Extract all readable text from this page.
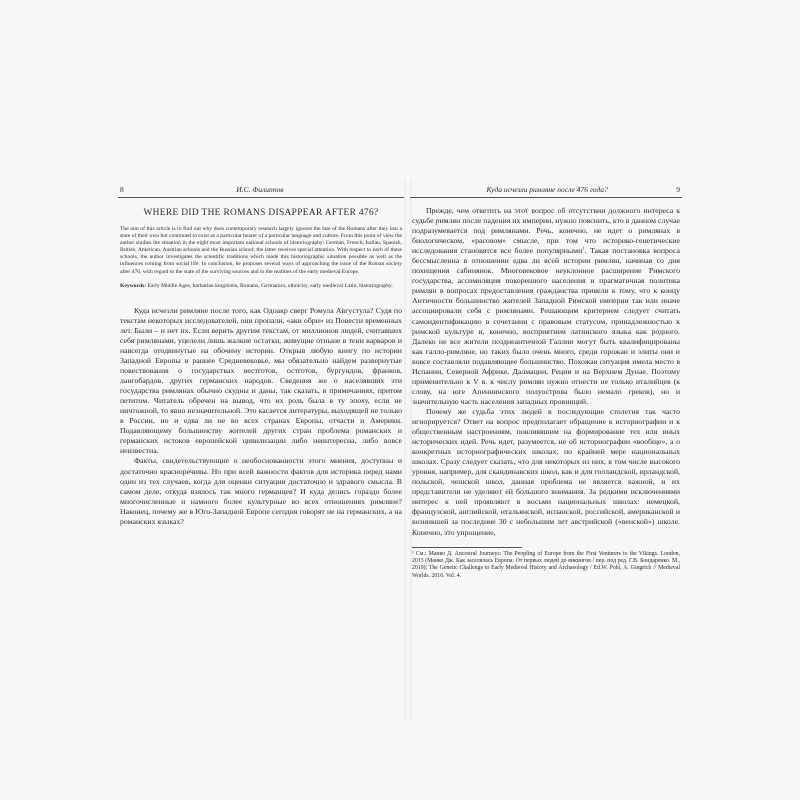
8	И.С. Филиппов
WHERE DID THE ROMANS DISAPPEAR AFTER 476?
The aim of this article is to find out why does contemporary research largely ignores the fate of the Romans after they lost a state of their own but continued to exist as a particular bearer of a particular language and culture. From this point of view the author studies the situation in the eight most important national schools of historiography: German, French, Italian, Spanish, British, American, Austrian schools and the Russian school; the latter receives special attention. With respect to each of these schools, the author investigates the scientific traditions which made this historiographic situation possible as well as the influences coming from social life. In conclusion, he proposes several ways of approaching the issue of the Roman society after 476, with regard to the state of the surviving sources and to the realities of the early medieval Europe.
Keywords: Early Middle Ages, barbarian kingdoms, Romans, Germanics, ethnicity, early medieval Latin, historiography.

Куда исчезли римляне после того, как Одоакр сверг Ромула Августула? Судя по текстам некоторых исследователей, они пропали, «аки обри» из Повести временных лет. Были – и нет их. Если верить другим текстам, от миллионов людей, считавших себя римлянами, уцелели лишь жалкие остатки, живущие отныне в тени варваров и навсегда отодвинутые на обочину истории. Открыв любую книгу по истории Западной Европы в раннее Средневековье, мы обязательно найдем развернутые повествования о государствах вестготов, остготов, бургундов, франков, лангобардов, других германских народов. Сведения же о населявших эти государства римлянах обычно скудны и даны, так сказать, в примечаниях, притом петитом. Читатель обречен на вывод, что их роль была в ту эпоху, если не ничтожной, то явно незначительной. Это касается литературы, выходящей не только в России, но и едва ли не во всех странах Европы, отчасти и Америки. Подавляющему большинству жителей других стран проблема романских и германских истоков европейской цивилизации либо неинтересна, либо вовсе неизвестна.

Факты, свидетельствующие о необоснованности этого мнения, доступны и достаточно красноречивы. Но при всей важности фактов для историка перед нами один из тех случаев, когда для оценки ситуации достаточно и здравого смысла. В самом деле, откуда взялось так много германцев? И куда делись гораздо более многочисленные и намного более культурные во всех отношениях римляне? Наконец, почему же в Юго-Западной Европе сегодня говорят не на германских, а на романских языках?

Куда исчезли римляне после 476 года?	9

Прежде, чем ответить на этот вопрос об отсутствии должного интереса к судьбе римлян после падения их империи, нужно пояснить, кто в данном случае подразумевается под римлянами. Речь, конечно, не идет о римлянах в биологическом, «расовом» смысле, при том что историко-генетические исследования становятся все более популярными$^1$. Такая постановка вопроса бессмысленна в отношении едва ли всей истории римлян, начиная со дня похищения сабинянок. Многовековое неуклонное расширение Римского государства, ассимиляция покоренного населения и прагматичная политика римлян в вопросах предоставления гражданства привели к тому, что к концу Античности большинство жителей Западной Римской империи так или иначе ассоциировали себя с римлянами. Решающим критерием следует считать самоидентификацию в сочетании с правовым статусом, принадлежностью к римской культуре и, конечно, восприятием латинского языка как родного. Далеко не все жители позднеантичной Галлии могут быть квалифицированы как галло-римляне, но таких было очень много, среди горожан и элиты они и вовсе составляли подавляющее большинство. Похожая ситуация имела место в Испании, Северной Африке, Далмации, Реции и на Верхнем Дунае. Поэтому применительно к V в. к числу римлян нужно отнести не только италийцев (к слову, на юге Апеннинского полуострова было немало греков), но и значительную часть населения западных провинций.

Почему же судьба этих людей в последующие столетия так часто игнорируется? Ответ на вопрос предполагает обращение к историографии и к общественным настроениям, повлиявшим на формирование тех или иных исторических идей. Речь идет, разумеется, не об историографии «вообще», а о конкретных историографических школах, по крайней мере национальных школах. Сразу следует сказать, что для некоторых из них, в том числе высокого уровня, например, для скандинавских школ, как и для голландской, ирландской, польской, чешской школ, данная проблема не является важной, и их представители не уделяют ей большого внимания. За редкими исключениями интерес к ней проявляют в восьми национальных школах: немецкой, французской, английской, итальянской, испанской, российской, американской и возникшей за последние 30 с небольшим лет австрийской («венской») школе. Конечно, это упрощение,

¹ См.: Манко Д. Ancestral Journeys: The Peopling of Europe from the First Venturers to the Vikings. London, 2013 (Манко Дж. Как заселялась Европа: От первых людей до викингов / пер. под ред. Г.В. Бондаренко. М., 2019); The Genetic Challenge to Early Medieval History and Archaeology / Ed.W. Pohl, A. Gingrich // Medieval Worlds. 2016. Vol. 4.
